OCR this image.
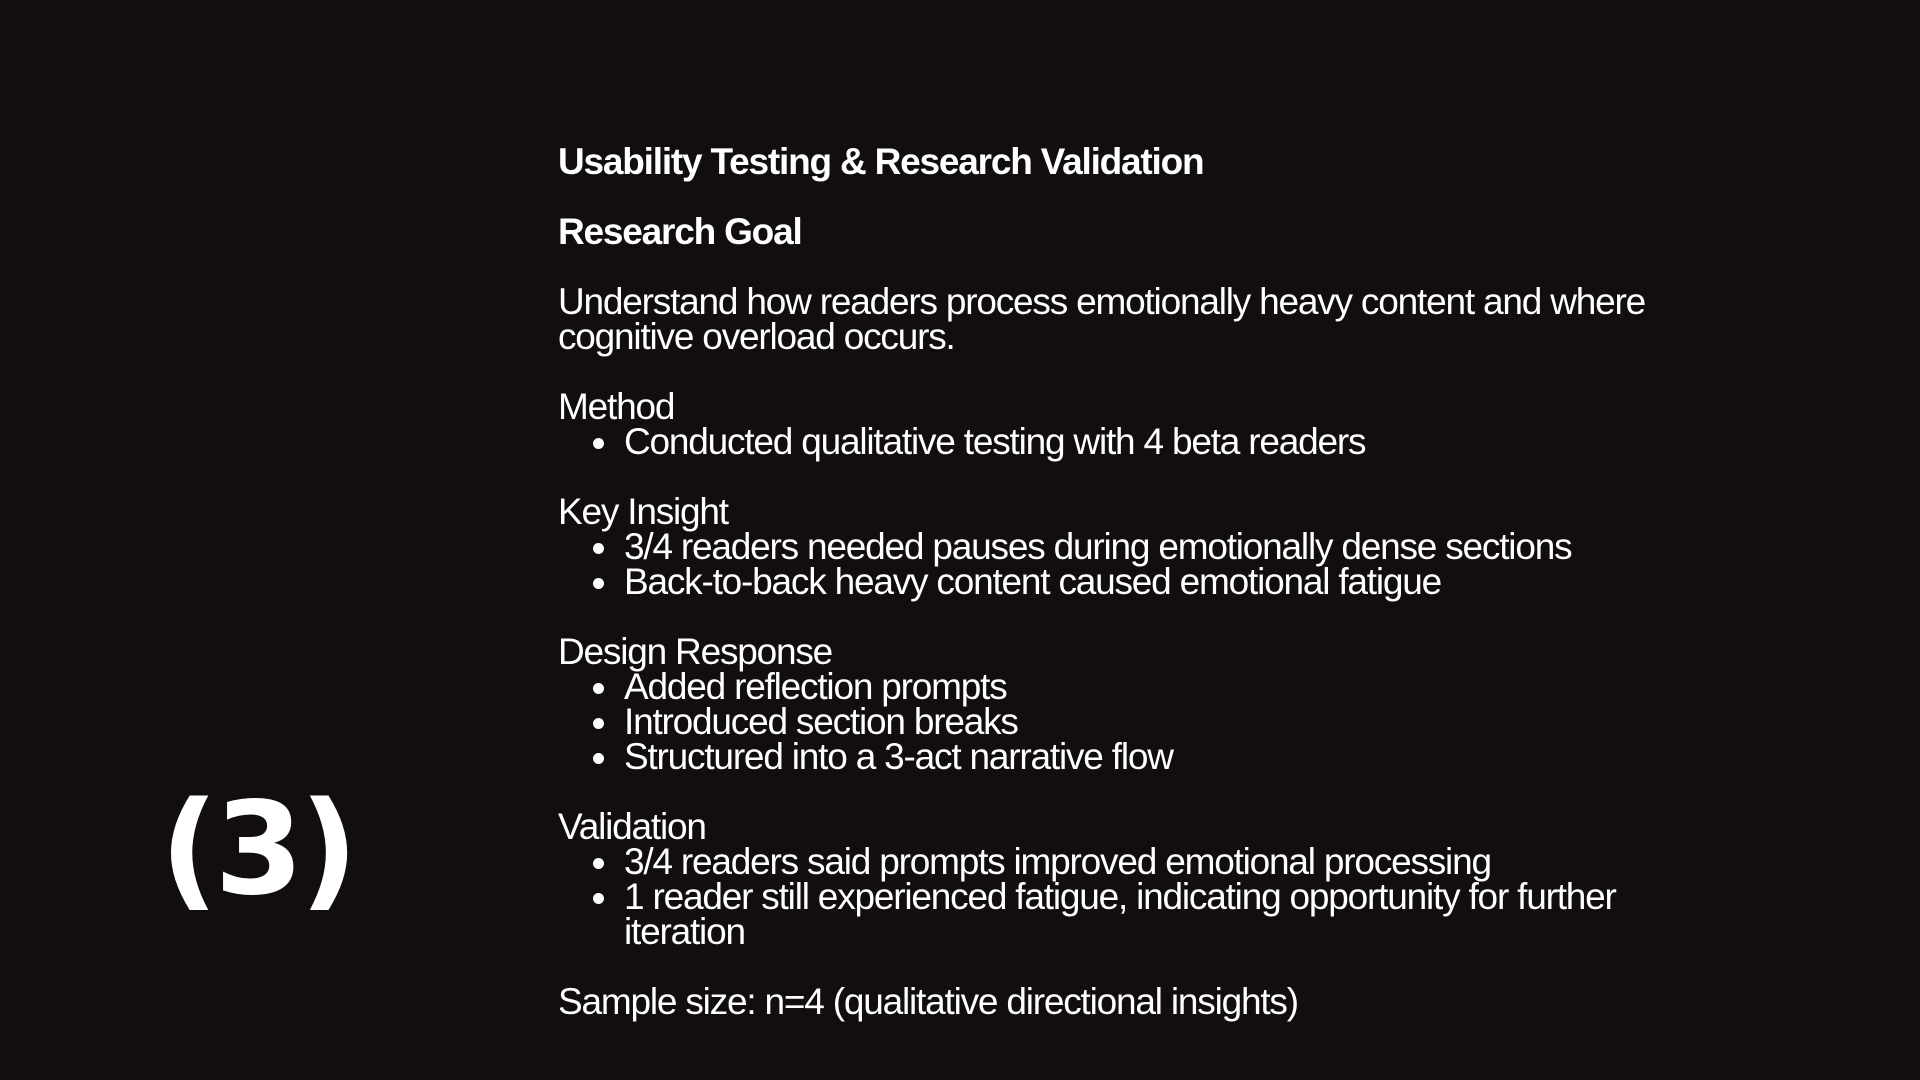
(3)
Usability Testing & Research Validation
Research Goal

Understand how readers process emotionally heavy content and where cognitive overload occurs.

Method
Conducted qualitative testing with 4 beta readers
Key Insight
3/4 readers needed pauses during emotionally dense sections
Back-to-back heavy content caused emotional fatigue
Design Response
Added reflection prompts
Introduced section breaks
Structured into a 3-act narrative flow
Validation
3/4 readers said prompts improved emotional processing
1 reader still experienced fatigue, indicating opportunity for further iteration

Sample size: n=4 (qualitative directional insights)
